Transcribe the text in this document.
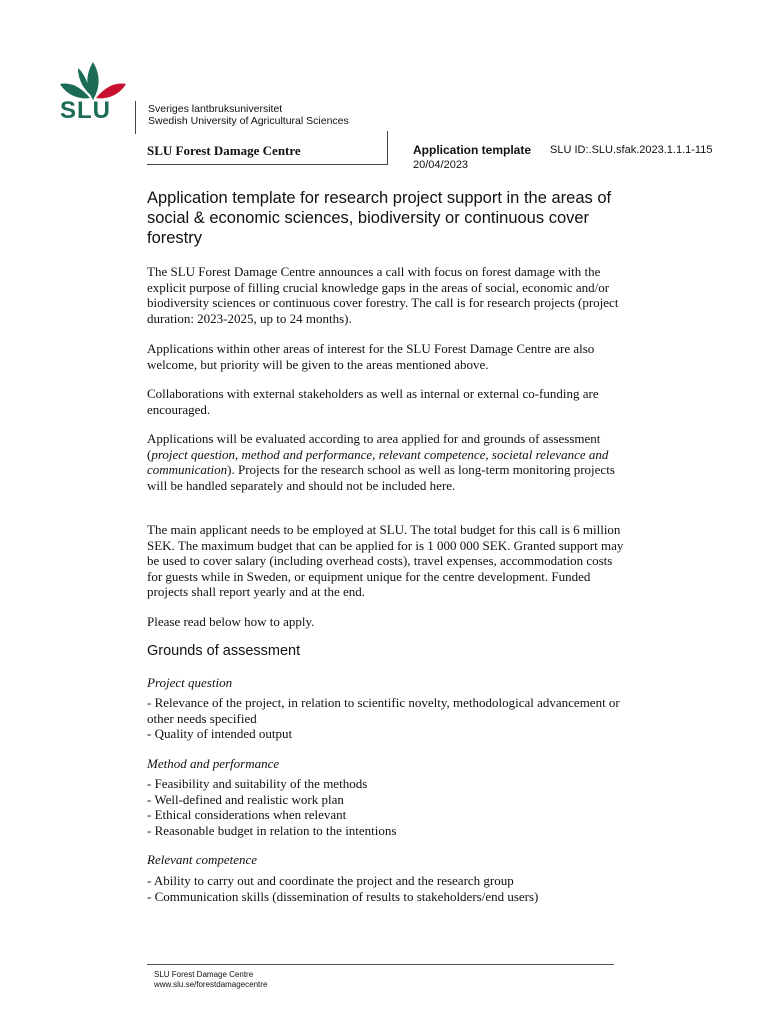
SLU	Sveriges lantbruksuniversitet
Swedish University of Agricultural Sciences
SLU Forest Damage Centre	Application template SLU ID:.SLU.sfak.2023.1.1.1-115
20/04/2023
Application template for research project support in the areas of social & economic sciences, biodiversity or continuous cover forestry

The SLU Forest Damage Centre announces a call with focus on forest damage with the explicit purpose of filling crucial knowledge gaps in the areas of social, economic and/or biodiversity sciences or continuous cover forestry. The call is for research projects (project duration: 2023-2025, up to 24 months).

Applications within other areas of interest for the SLU Forest Damage Centre are also welcome, but priority will be given to the areas mentioned above.

Collaborations with external stakeholders as well as internal or external co-funding are encouraged.

Applications will be evaluated according to area applied for and grounds of assessment (project question, method and performance, relevant competence, societal relevance and communication). Projects for the research school as well as long-term monitoring projects will be handled separately and should not be included here.

The main applicant needs to be employed at SLU. The total budget for this call is 6 million SEK. The maximum budget that can be applied for is 1 000 000 SEK. Granted support may be used to cover salary (including overhead costs), travel expenses, accommodation costs for guests while in Sweden, or equipment unique for the centre development. Funded projects shall report yearly and at the end.

Please read below how to apply.

Grounds of assessment

Project question

- Relevance of the project, in relation to scientific novelty, methodological advancement or other needs specified
- Quality of intended output

Method and performance

- Feasibility and suitability of the methods
- Well-defined and realistic work plan
- Ethical considerations when relevant
- Reasonable budget in relation to the intentions

Relevant competence

- Ability to carry out and coordinate the project and the research group
- Communication skills (dissemination of results to stakeholders/end users)
SLU Forest Damage Centre
www.slu.se/forestdamagecentre
